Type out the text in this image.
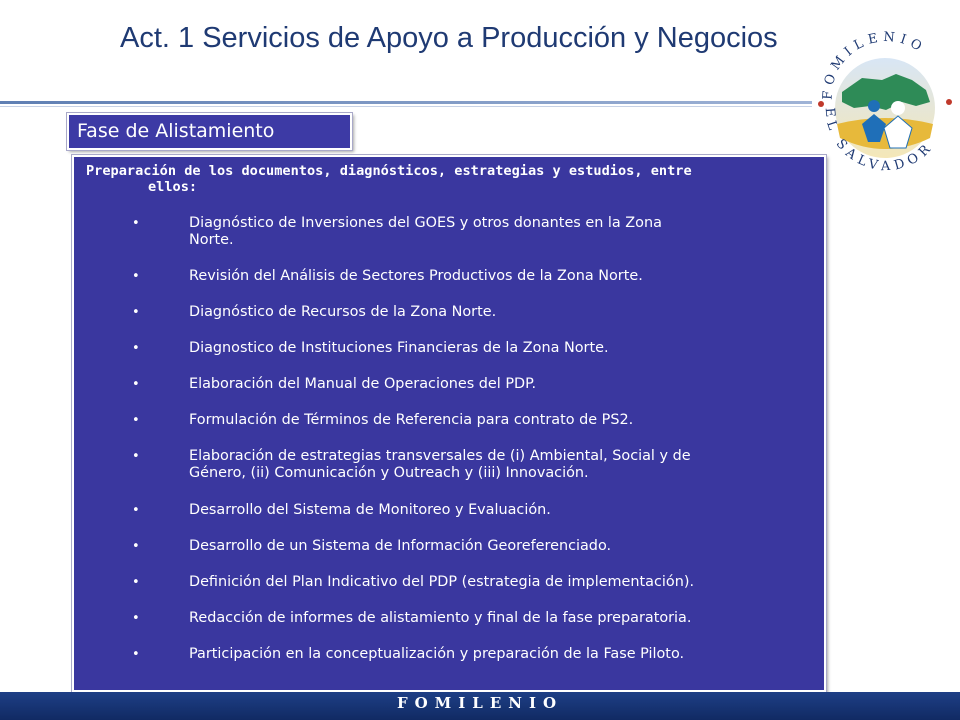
Act. 1 Servicios de Apoyo a Producción y Negocios
FOMILENIO
EL SALVADOR
Fase de Alistamiento
Preparación de los documentos, diagnósticos, estrategias y estudios, entre
ellos:
•	Diagnóstico de Inversiones del GOES y otros donantes en la Zona
Norte.
•	Revisión del Análisis de Sectores Productivos de la Zona Norte.
•	Diagnóstico de Recursos de la Zona Norte.
•	Diagnostico de Instituciones Financieras de la Zona Norte.
•	Elaboración del Manual de Operaciones del PDP.
•	Formulación de Términos de Referencia para contrato de PS2.
•	Elaboración de estrategias transversales de (i) Ambiental, Social y de
Género, (ii) Comunicación y Outreach y (iii) Innovación.
•	Desarrollo del Sistema de Monitoreo y Evaluación.
•	Desarrollo de un Sistema de Información Georeferenciado.
•	Definición del Plan Indicativo del PDP (estrategia de implementación).
•	Redacción de informes de alistamiento y final de la fase preparatoria.
•	Participación en la conceptualización y preparación de la Fase Piloto.
FOMILENIO
